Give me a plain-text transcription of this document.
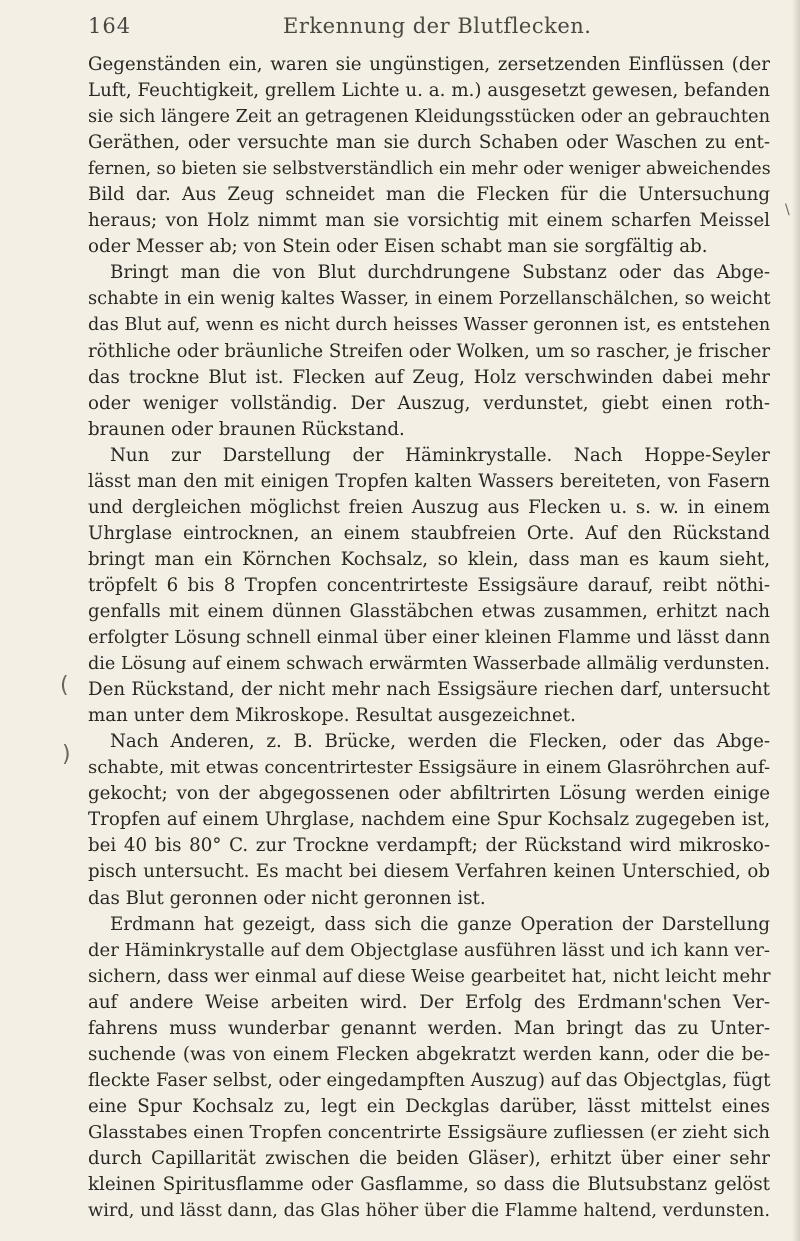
164	Erkennung der Blutflecken.
Gegenständen ein, waren sie ungünstigen, zersetzenden Einflüssen (der
Luft, Feuchtigkeit, grellem Lichte u. a. m.) ausgesetzt gewesen, befanden
sie sich längere Zeit an getragenen Kleidungsstücken oder an gebrauchten
Geräthen, oder versuchte man sie durch Schaben oder Waschen zu ent-
fernen, so bieten sie selbstverständlich ein mehr oder weniger abweichendes
Bild dar. Aus Zeug schneidet man die Flecken für die Untersuchung
heraus; von Holz nimmt man sie vorsichtig mit einem scharfen Meissel
oder Messer ab; von Stein oder Eisen schabt man sie sorgfältig ab.
Bringt man die von Blut durchdrungene Substanz oder das Abge-
schabte in ein wenig kaltes Wasser, in einem Porzellanschälchen, so weicht
das Blut auf, wenn es nicht durch heisses Wasser geronnen ist, es entstehen
röthliche oder bräunliche Streifen oder Wolken, um so rascher, je frischer
das trockne Blut ist. Flecken auf Zeug, Holz verschwinden dabei mehr
oder weniger vollständig. Der Auszug, verdunstet, giebt einen roth-
braunen oder braunen Rückstand.
Nun zur Darstellung der Häminkrystalle. Nach Hoppe-Seyler
lässt man den mit einigen Tropfen kalten Wassers bereiteten, von Fasern
und dergleichen möglichst freien Auszug aus Flecken u. s. w. in einem
Uhrglase eintrocknen, an einem staubfreien Orte. Auf den Rückstand
bringt man ein Körnchen Kochsalz, so klein, dass man es kaum sieht,
tröpfelt 6 bis 8 Tropfen concentrirteste Essigsäure darauf, reibt nöthi-
genfalls mit einem dünnen Glasstäbchen etwas zusammen, erhitzt nach
erfolgter Lösung schnell einmal über einer kleinen Flamme und lässt dann
die Lösung auf einem schwach erwärmten Wasserbade allmälig verdunsten.
Den Rückstand, der nicht mehr nach Essigsäure riechen darf, untersucht
man unter dem Mikroskope. Resultat ausgezeichnet.
Nach Anderen, z. B. Brücke, werden die Flecken, oder das Abge-
schabte, mit etwas concentrirtester Essigsäure in einem Glasröhrchen auf-
gekocht; von der abgegossenen oder abfiltrirten Lösung werden einige
Tropfen auf einem Uhrglase, nachdem eine Spur Kochsalz zugegeben ist,
bei 40 bis 80° C. zur Trockne verdampft; der Rückstand wird mikrosko-
pisch untersucht. Es macht bei diesem Verfahren keinen Unterschied, ob
das Blut geronnen oder nicht geronnen ist.
Erdmann hat gezeigt, dass sich die ganze Operation der Darstellung
der Häminkrystalle auf dem Objectglase ausführen lässt und ich kann ver-
sichern, dass wer einmal auf diese Weise gearbeitet hat, nicht leicht mehr
auf andere Weise arbeiten wird. Der Erfolg des Erdmann'schen Ver-
fahrens muss wunderbar genannt werden. Man bringt das zu Unter-
suchende (was von einem Flecken abgekratzt werden kann, oder die be-
fleckte Faser selbst, oder eingedampften Auszug) auf das Objectglas, fügt
eine Spur Kochsalz zu, legt ein Deckglas darüber, lässt mittelst eines
Glasstabes einen Tropfen concentrirte Essigsäure zufliessen (er zieht sich
durch Capillarität zwischen die beiden Gläser), erhitzt über einer sehr
kleinen Spiritusflamme oder Gasflamme, so dass die Blutsubstanz gelöst
wird, und lässt dann, das Glas höher über die Flamme haltend, verdunsten.
(
)
\
